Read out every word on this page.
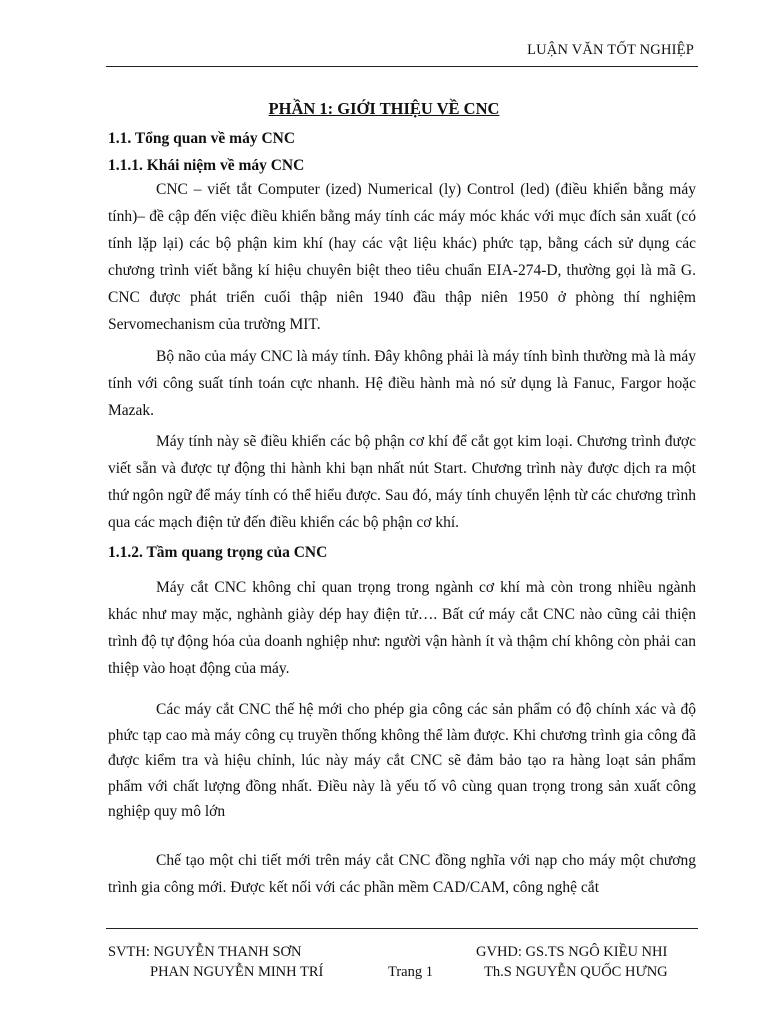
LUẬN VĂN TỐT NGHIỆP
PHẦN 1: GIỚI THIỆU VỀ CNC
1.1. Tổng quan về máy CNC
1.1.1. Khái niệm về máy CNC

CNC – viết tắt Computer (ized) Numerical (ly) Control (led) (điều khiển bằng máy tính)– đề cập đến việc điều khiển bằng máy tính các máy móc khác với mục đích sản xuất (có tính lặp lại) các bộ phận kim khí (hay các vật liệu khác) phức tạp, bằng cách sử dụng các chương trình viết bằng kí hiệu chuyên biệt theo tiêu chuẩn EIA-274-D, thường gọi là mã G. CNC được phát triển cuối thập niên 1940 đầu thập niên 1950 ở phòng thí nghiệm Servomechanism của trường MIT.

Bộ não của máy CNC là máy tính. Đây không phải là máy tính bình thường mà là máy tính với công suất tính toán cực nhanh. Hệ điều hành mà nó sử dụng là Fanuc, Fargor hoặc Mazak.

Máy tính này sẽ điều khiển các bộ phận cơ khí để cắt gọt kim loại. Chương trình được viết sẵn và được tự động thi hành khi bạn nhất nút Start. Chương trình này được dịch ra một thứ ngôn ngữ để máy tính có thể hiểu được. Sau đó, máy tính chuyển lệnh từ các chương trình qua các mạch điện tử đến điều khiển các bộ phận cơ khí.

1.1.2. Tầm quang trọng của CNC

Máy cắt CNC không chỉ quan trọng trong ngành cơ khí mà còn trong nhiều ngành khác như may mặc, nghành giày dép hay điện tử…. Bất cứ máy cắt CNC nào cũng cải thiện trình độ tự động hóa của doanh nghiệp như: người vận hành ít và thậm chí không còn phải can thiệp vào hoạt động của máy.

Các máy cắt CNC thế hệ mới cho phép gia công các sản phẩm có độ chính xác và độ phức tạp cao mà máy công cụ truyền thống không thể làm được. Khi chương trình gia công đã được kiểm tra và hiệu chỉnh, lúc này máy cắt CNC sẽ đảm bảo tạo ra hàng loạt sản phẩm phẩm với chất lượng đồng nhất. Điều này là yếu tố vô cùng quan trọng trong sản xuất công nghiệp quy mô lớn

Chế tạo một chi tiết mới trên máy cắt CNC đồng nghĩa với nạp cho máy một chương trình gia công mới. Được kết nối với các phần mềm CAD/CAM, công nghệ cắt

SVTH: NGUYỄN THANH SƠN
PHAN NGUYỄN MINH TRÍ	Trang 1
GVHD: GS.TS NGÔ KIỀU NHI
Th.S NGUYỄN QUỐC HƯNG
